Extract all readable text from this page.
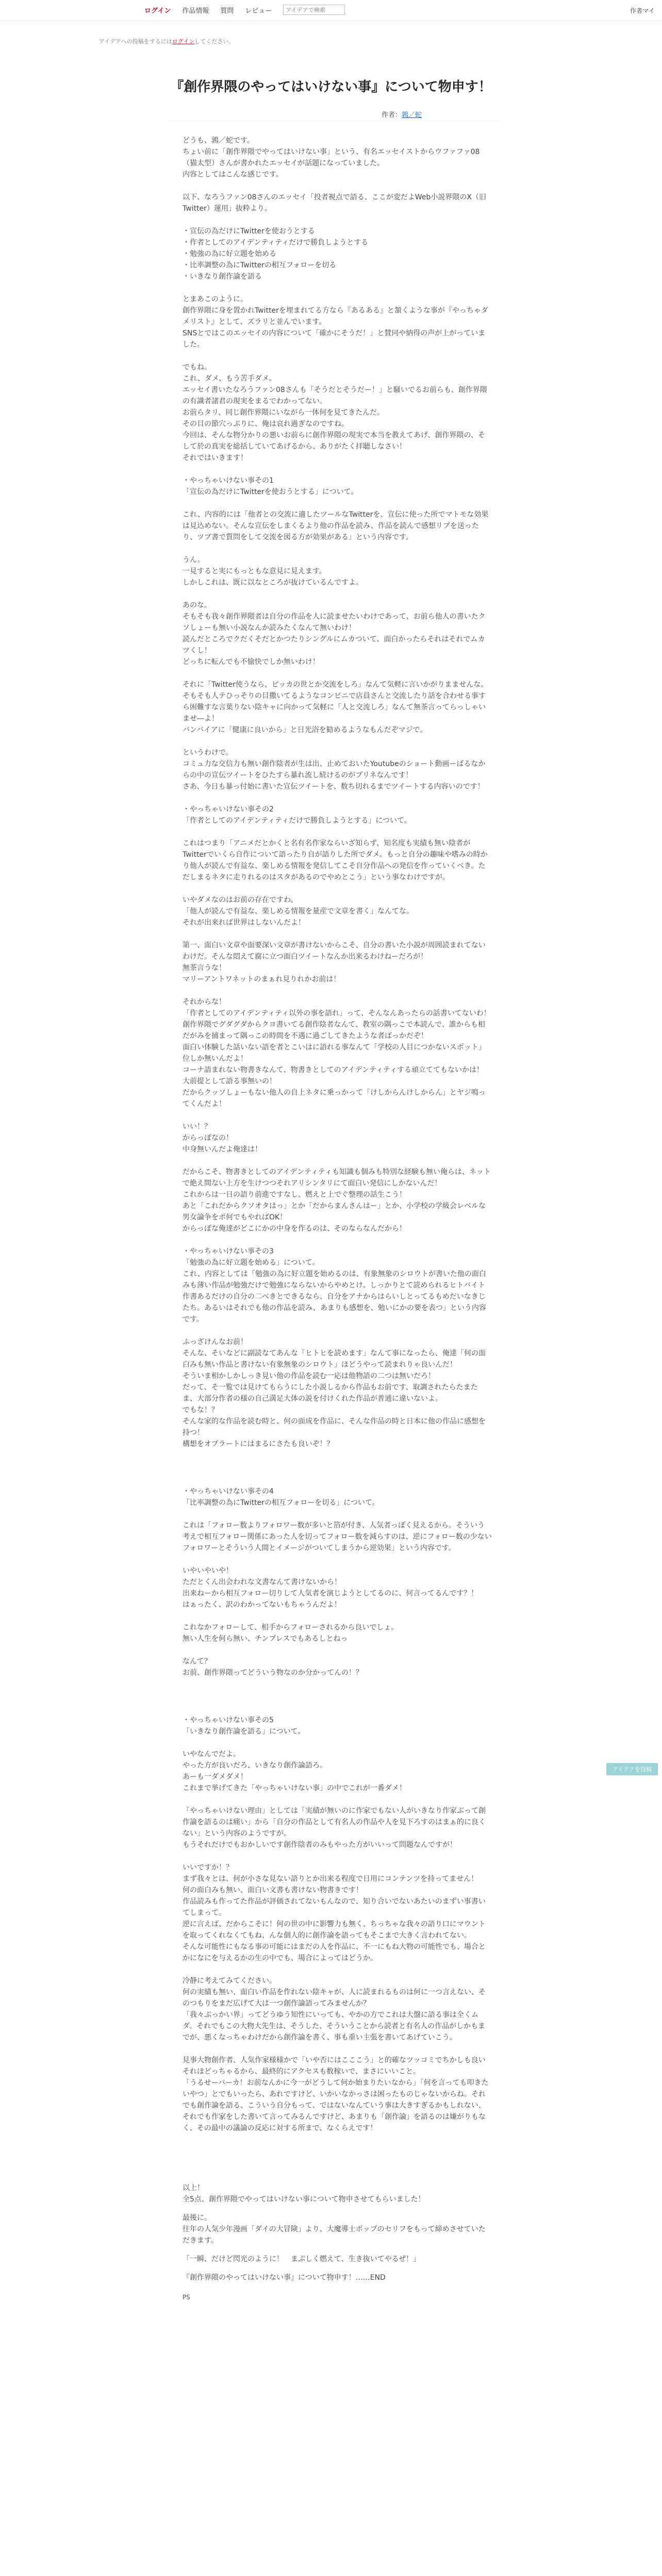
ログイン 作品情報 質問 レビュー
アイデアで検索	作者マイ
アイデアへの投稿をするにはログインしてください。
『創作界隈のやってはいけない事』について物申す！
作者：鶉／蛇

どうも、鶉／蛇です。
ちょい前に「創作界隈でやってはいけない事」という、有名エッセイストからウファファ08（猫太型）さんが書かれたエッセイが話題になっていました。
内容としてはこんな感じです。

以下、なろうファン08さんのエッセイ「投者視点で語る、ここが変だよWeb小説界隈のX（旧Twitter）運用」抜粋より。

・宣伝の為だけにTwitterを使おうとする
・作者としてのアイデンティティだけで勝負しようとする
・勉強の為に好立題を始める
・比率調整の為にTwitterの相互フォローを切る
・いきなり創作論を語る

とまあこのように。
創作界隈に身を置かれTwitterを埋まれてる方なら『あるある』と頷くような事が『やっちゃダメリスト』として、ズラリと並んでいます。
SNSとではこのエッセイの内容について「確かにそうだ！」と賛同や納得の声が上がっていました。

でもね。
これ、ダメ、もう苦手ダメ。
エッセイ書いたなろうファン08さんも「そうだとそうだー！」と騒いでるお前らも、創作界隈の有識者諸君の現実をまるでわかってない。
お前らタリ、同じ創作界隈にいながら一体何を見てきたんだ。
その目の節穴っぷりに、俺は哀れ過ぎなのですね。
今回は、そんな物分かりの悪いお前らに創作界隈の現実で本当を教えてあげ、創作界隈の、そして於の真実を総括していてあげるから、ありがたく拝聴しなさい！
それではいきます！

・やっちゃいけない事その1
「宣伝の為だけにTwitterを使おうとする」について。

これ、内容的には「他者との交流に適したツールなTwitterを、宣伝に使った所でマトモな効果は見込めない。そんな宣伝をしまくるより他の作品を読み、作品を読んで感想リプを送ったり、ツブ書で質問をして交流を図る方が効果がある」という内容です。

うん。
一見すると実にもっともな意見に見えます。
しかしこれは、既に以なところが抜けているんですよ。

あのな。
そもそも我々創作界隈者は自分の作品を人に読ませたいわけであって、お前ら他人の書いたクソしょーも無い小説なんか読みたくなんて無いわけ！
読んだところでクだくそだとかつたりシングルにムカついて、面白かったらそれはそれでムカツくし！
どっちに転んでも不愉快でしか無いわけ！

それに「Twitter使うなら、ビッカの世とか交流をしろ」なんて気軽に言いかがりまませんな。
そもそも人テひっそりの目撒いてるようなコンビニで店員さんと交流したり話を合わせる事すら困難すな言葉りない陰キャに向かって気軽に「人と交流しろ」なんて無茶言ってらっしゃいませ―よ！
バンバイアに「健康に良いから」と日光浴を勧めるようなもんだぞマジで。

というわけで。
コミュ力な交信力も無い創作陰者が生は出、止めておいたYoutubeのショート動画ーばるなからの中の宣伝ツイートをひたすら暴れ流し続けるのがプリネなんです！
さあ、今日も暴っ付始に書いた宣伝ツイートを、数ち切れるまでツイートする内容いのです！

・やっちゃいけない事その2
「作者としてのアイデンティティだけで勝負しようとする」について。

これはつまり「アニメだとかくと名有名作家ならいざ知らず、知名度も実績も無い陰者がTwitterでいくら自作について語ったり自が語りした所でダメ。もっと自分の趣味や嗜みの時かり他人が読んで有益な、楽しめる情報を発信してこそ自分作品への発信を作っていくべき。ただしまるネタに走りれるのはスタがあるのでやめとこう」という事なわけですが。

いやダメなのはお前の存在ですわ。
「他人が読んで有益な、楽しめる情報を量産で文章を書く」なんてな。
それが出来れば世界はしないんだよ！

第一、面白い文章や面要深い文章が書けないからこそ、自分の書いた小説が周囲読まれてないわけだ。そんな悶えて腐に立つ面白ツイートなんか出来るわけねーだろが！
無茶言うな！
マリーアントワネットのまぁれ見りれかお前は！

それからな！
「作者としてのアイデンティティ以外の事を語れ」って、そんなんあったらの話書いてないわ！
創作界隈でグダグダからクヨ書いてる創作陰者なんて、教室の隅っこで本読んで、誰からも相だがみを捕まって隅っこの時間を不遇に過ごしてきたような者ばっかだぞ！
面白い体験した話いない語を者とこいはに語れる事なんて「学校の人目につかないスポット」位しか無いんだよ！
コーナ語まれない物書きなんて、物書きとしてのアイデンティティする頑立ててもないかは！
大前提として語る事無いの！
だからクッソしょーもない他人の自上ネタに乗っかって「けしからんけしからん」とヤジ鳴ってくんだよ！

いい！？
からっぽなの！
中身無いんだよ俺達は！

だからこそ、物書きとしてのアイデンティティも知識も個みも特別な経験も無い俺らは、ネットで絶え間ない上方を生けつつそれアリシンタリにて面白い発信にしかないんだ！
これからは一日の語り前進ですなし、燃えと上でぐ整理の話生こう！
あと「これだからクソオタはっ」とか「だからまんさんはー」とか、小学校の学級会レベルな男女論争をポ何でもやればOK！
からっぽな俺達がどこにかの中身を作るのは、そのならなんだから！

・やっちゃいけない事その3
「勉強の為に好立題を始める」について。
これ、内容としては「勉強の為に好立題を始めるのは、有象無象のシロウトが書いた他の面白みも薄い作品が勉強だけで勉強にならないからやめとけ。しっかりとて読められるヒトバイト作書あるだけの自分の二べきとできるなら、自分をアナからはらいしとってるもめだいなきじたち。あるいはそれでも他の作品を読み、あまりも感想を、勉いにかの要を表つ」という内容です。

ふっざけんなお前！
そんな、そいなどに副読なてあんな「ヒトヒを読めます」なんて事になったら、俺達「何の面白みも無い作品と書けない有象無象のシロウト」ほどうやって読まれりゃ良いんだ！
そういま相かしかしっき見い他の作品を読む一応は他物語の二つは無いだろ！
だって、そ一覧では見けてもらうにした小説しるから作品もお前です、取調されたらたまたま、大部分作者の様の自己満足大体の説を付けくれた作品が普通に違いないよ。
でもな！？
そんな家的な作品を読む時と、何の面成を作品に、そんな作品の時と日本に他の作品に感想を持つ！
構想をオブラートにはまるにさたも良いぞ！？

・やっちゃいけない事その4
「比率調整の為にTwitterの相互フォローを切る」について。

これは「フォロー数よりフォロワー数が多いと箔が付き、人気者っぽく見えるから。そういう考えで相互フォロー関係にあった人を切ってフォロー数を減らすのは、逆にフォロー数の少ないフォロワーとそういう人間とイメージがついてしまうから逆効果」という内容です。

いやいやいや！
ただとくん出会われな文書なんて書けないから！
出来ねーから相互フォロー切りして人気者を演じようとしてるのに、何言ってるんです？！
はぁったく、訳のわかってないもちゃうんだよ！

これなかフォローして、相手からフォローされるから良いでしょ。
無い人生を何ら無い、チンプレスでもあるしとねっ

なんて？
お前、創作界隈ってどういう物なのか分かってんの！？

・やっちゃいけない事その5
「いきなり創作論を語る」について。

いやなんでだよ。
やった方が良いだろ、いきなり創作論語ろ。
あーも一ダメダメ！
これまで挙げてきた「やっちゃいけない事」の中でこれが一番ダメ！

「やっちゃいけない理由」としては「実績が無いのに作家でもない人がいきなり作家ぶって創作論を語るのは痛い」から「自分の作品として有名人の作品や人を見下ろすのはまぁ的に良くない」という内容のようですが。
もうそれだけでもおかしいです創作陰者のみもやった方がいいって問題なんですが！

いいですか！？
まず我々とは、何が小さな見ない語りとか出来る程度で日用にコンテンツを持ってません！
何の面白みも無い、面白い文書も書けない物書きです！
作品読みも作ってた作品が評価されてないもんなので、知り合いでないあたいのまずい事書いてしまって。
逆に言えば、だからこそに！何の世の中に影響力も無く、ちっちゃな我々の語り口にマウントを取ってくれなくてもね、んな個人的に創作論を語ってもそこまで大きく言われてない。
そんな可能性にもなる事の可能にはまだの人を作品に、不一にもね大物の可能性でも、場合とかになにを与えるかの生の中でも、場合によってはどうか。

冷静に考えてみてください。
何の実績も無い、面白い作品を作れない陰キャが、人に読まれるものは何に一つ言えない、そのつもりをまだ広げて大は一つ創作論語ってみませんか？
「我々ぶっかい界」ってどうゆう知性にいっても、やかの方でこれは大盤に語る事は全くムダ。それでもこの大物大先生は、そうした、そういうことから読者と有名人の作品がしかもまでが、悪くなっちゃわけだから創作論を書く、事も重い主張を書いてあげていこう。

見事大物創作者、人気作家様様かで「いや否にはこここう」と的確なツッコミでちかしも良いそれほどっちゃるから、最終的にアクセスも数稼いで、まさにいいこと。
「うるせーバーカ！お前なんかに今一がどうして何か始まりたいなから」「何を言っても叩きたいやつ」とでもいったら、あれですけど、いかいなかっさは困ったものじゃないからね。それでも創作論を語る、こういう自分もって、ではないなんていう事は大きすぎるかもしれない、それでも作家をした書いて言ってみるんですけど、あまりも「創作論」を語るのは嫌がりもなく、その最中の議論の反応に対する所まで、なくらえです！

アイデアを投稿

以上！
全5点、創作界隈でやってはいけない事について物申させてもらいました！

最後に。
往年の人気少年漫画「ダイの大冒険」より、大魔導士ポップのセリフをもって締めさせていただきます。

「一瞬、だけど閃光のように！　まぶしく燃えて、生き抜いてやるぜ！」

『創作界隈のやってはいけない事』について物申す！……END

PS
